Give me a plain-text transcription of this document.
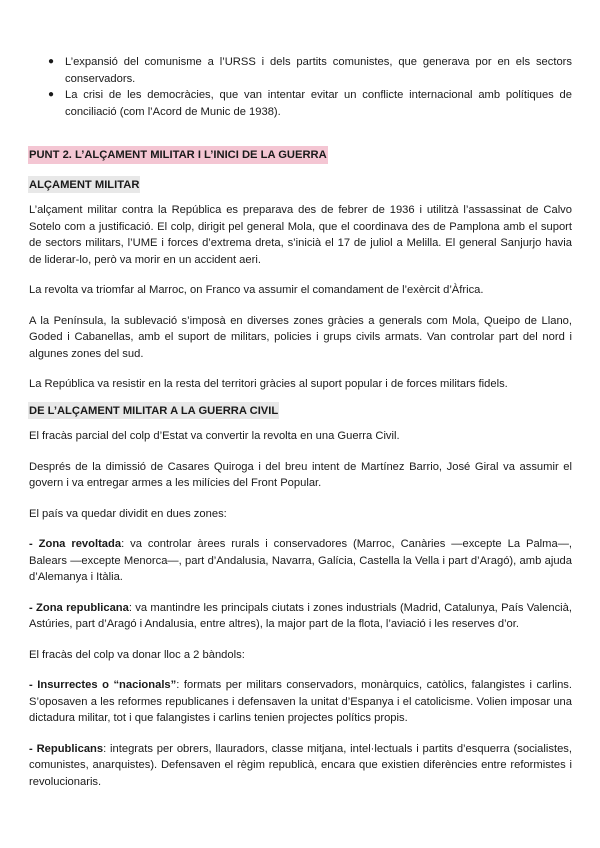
● L’expansió del comunisme a l’URSS i dels partits comunistes, que generava por en els sectors conservadors.
● La crisi de les democràcies, que van intentar evitar un conflicte internacional amb polítiques de conciliació (com l’Acord de Munic de 1938).
PUNT 2. L’ALÇAMENT MILITAR I L’INICI DE LA GUERRA
ALÇAMENT MILITAR

L’alçament militar contra la República es preparava des de febrer de 1936 i utilitzà l’assassinat de Calvo Sotelo com a justificació. El colp, dirigit pel general Mola, que el coordinava des de Pamplona amb el suport de sectors militars, l’UME i forces d’extrema dreta, s’inicià el 17 de juliol a Melilla. El general Sanjurjo havia de liderar-lo, però va morir en un accident aeri.

La revolta va triomfar al Marroc, on Franco va assumir el comandament de l’exèrcit d’Àfrica.

A la Península, la sublevació s’imposà en diverses zones gràcies a generals com Mola, Queipo de Llano, Goded i Cabanellas, amb el suport de militars, policies i grups civils armats. Van controlar part del nord i algunes zones del sud.

La República va resistir en la resta del territori gràcies al suport popular i de forces militars fidels.

DE L’ALÇAMENT MILITAR A LA GUERRA CIVIL

El fracàs parcial del colp d’Estat va convertir la revolta en una Guerra Civil.

Després de la dimissió de Casares Quiroga i del breu intent de Martínez Barrio, José Giral va assumir el govern i va entregar armes a les milícies del Front Popular.

El país va quedar dividit en dues zones:

- Zona revoltada: va controlar àrees rurals i conservadores (Marroc, Canàries —excepte La Palma—, Balears —excepte Menorca—, part d’Andalusia, Navarra, Galícia, Castella la Vella i part d’Aragó), amb ajuda d’Alemanya i Itàlia.

- Zona republicana: va mantindre les principals ciutats i zones industrials (Madrid, Catalunya, País Valencià, Astúries, part d’Aragó i Andalusia, entre altres), la major part de la flota, l’aviació i les reserves d’or.

El fracàs del colp va donar lloc a 2 bàndols:

- Insurrectes o “nacionals”: formats per militars conservadors, monàrquics, catòlics, falangistes i carlins. S’oposaven a les reformes republicanes i defensaven la unitat d’Espanya i el catolicisme. Volien imposar una dictadura militar, tot i que falangistes i carlins tenien projectes polítics propis.

- Republicans: integrats per obrers, llauradors, classe mitjana, intel·lectuals i partits d’esquerra (socialistes, comunistes, anarquistes). Defensaven el règim republicà, encara que existien diferències entre reformistes i revolucionaris.
